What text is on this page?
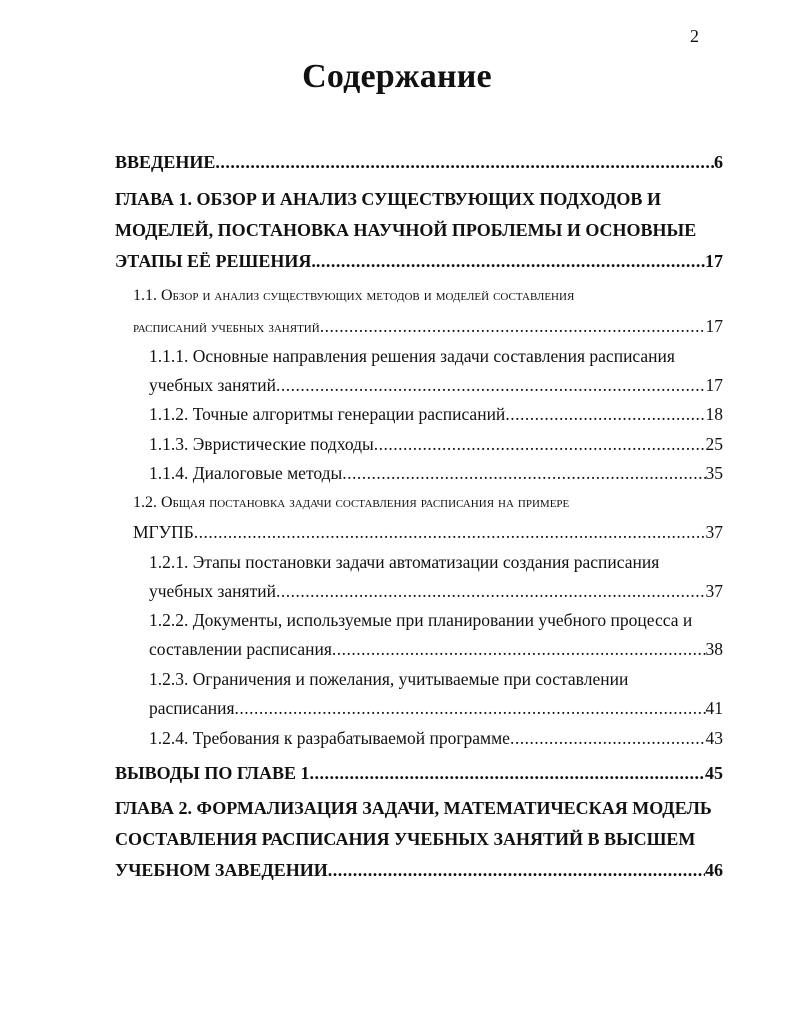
2
Содержание
ВВЕДЕНИЕ .....	6
ГЛАВА 1. ОБЗОР И АНАЛИЗ СУЩЕСТВУЮЩИХ ПОДХОДОВ И
МОДЕЛЕЙ, ПОСТАНОВКА НАУЧНОЙ ПРОБЛЕМЫ И ОСНОВНЫЕ
ЭТАПЫ ЕЁ РЕШЕНИЯ. .....	17
1.1. Обзор и анализ существующих методов и моделей составления
расписаний учебных занятий .....	17
1.1.1. Основные направления решения задачи составления расписания
учебных занятий .....	17
1.1.2. Точные алгоритмы генерации расписаний .....	18
1.1.3. Эвристические подходы .....	25
1.1.4. Диалоговые методы .....	35
1.2. Общая постановка задачи составления расписания на примере
МГУПБ .....	37
1.2.1. Этапы постановки задачи автоматизации создания расписания
учебных занятий .....	37
1.2.2. Документы, используемые при планировании учебного процесса и
составлении расписания .....	38
1.2.3. Ограничения и пожелания, учитываемые при составлении
расписания .....	41
1.2.4. Требования к разрабатываемой программе .....	43
ВЫВОДЫ ПО ГЛАВЕ 1 .....	45
ГЛАВА 2. ФОРМАЛИЗАЦИЯ ЗАДАЧИ, МАТЕМАТИЧЕСКАЯ МОДЕЛЬ
СОСТАВЛЕНИЯ РАСПИСАНИЯ УЧЕБНЫХ ЗАНЯТИЙ В ВЫСШЕМ
УЧЕБНОМ ЗАВЕДЕНИИ .....	46
